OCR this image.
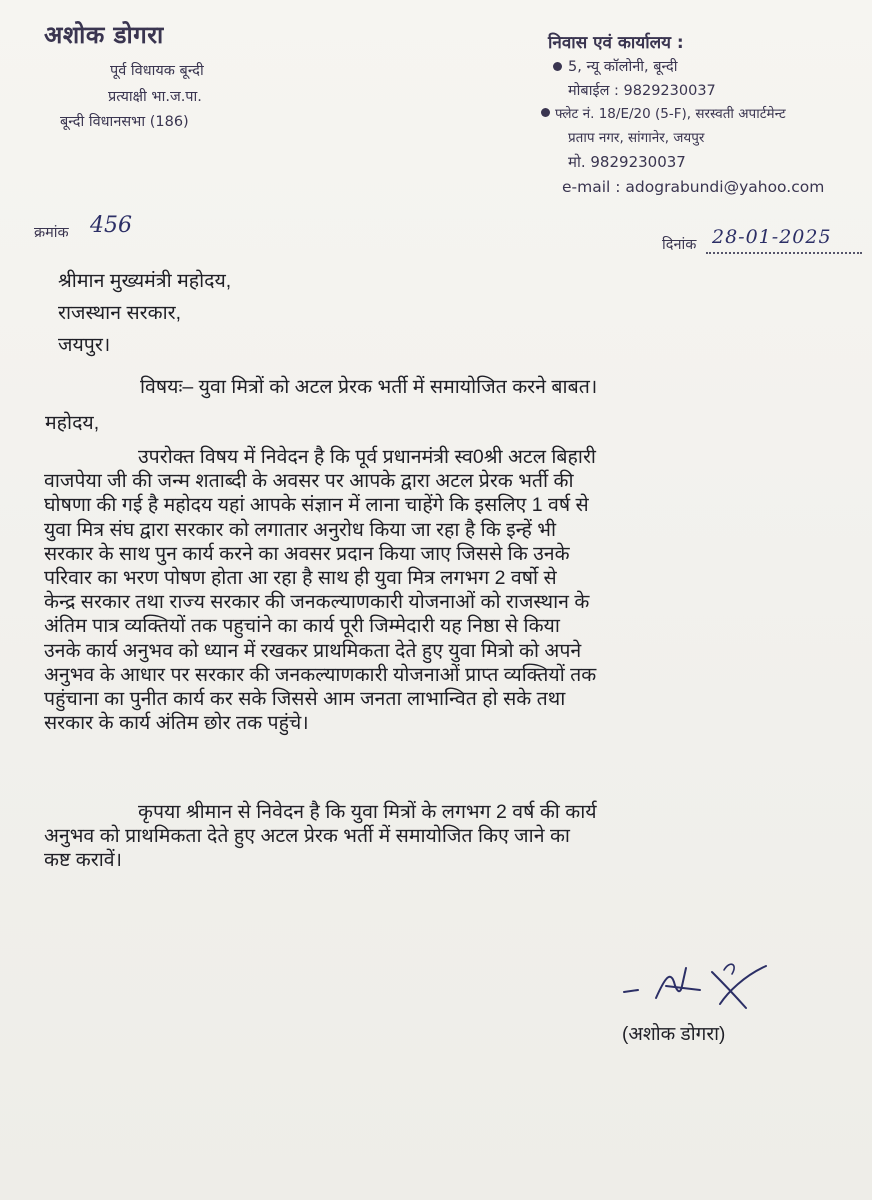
अशोक डोगरा
पूर्व विधायक बून्दी
प्रत्याक्षी भा.ज.पा.
बून्दी विधानसभा (186)
निवास एवं कार्यालय :
5, न्यू कॉलोनी, बून्दी
मोबाईल : 9829230037
फ्लेट नं. 18/E/20 (5-F), सरस्वती अपार्टमेन्ट
प्रताप नगर, सांगानेर, जयपुर
मो. 9829230037
e-mail : adograbundi@yahoo.com
क्रमांक 456
दिनांक 28-01-2025
श्रीमान मुख्यमंत्री महोदय,
राजस्थान सरकार,
जयपुर।
विषयः– युवा मित्रों को अटल प्रेरक भर्ती में समायोजित करने बाबत।
महोदय,
उपरोक्त विषय में निवेदन है कि पूर्व प्रधानमंत्री स्व0श्री अटल बिहारी
वाजपेया जी की जन्म शताब्दी के अवसर पर आपके द्वारा अटल प्रेरक भर्ती की
घोषणा की गई है महोदय यहां आपके संज्ञान में लाना चाहेंगे कि इसलिए 1 वर्ष से
युवा मित्र संघ द्वारा सरकार को लगातार अनुरोध किया जा रहा है कि इन्हें भी
सरकार के साथ पुन कार्य करने का अवसर प्रदान किया जाए जिससे कि उनके
परिवार का भरण पोषण होता आ रहा है साथ ही युवा मित्र लगभग 2 वर्षो से
केन्द्र सरकार तथा राज्य सरकार की जनकल्याणकारी योजनाओं को राजस्थान के
अंतिम पात्र व्यक्तियों तक पहुचांने का कार्य पूरी जिम्मेदारी यह निष्ठा से किया
उनके कार्य अनुभव को ध्यान में रखकर प्राथमिकता देते हुए युवा मित्रो को अपने
अनुभव के आधार पर सरकार की जनकल्याणकारी योजनाओं प्राप्त व्यक्तियों तक
पहुंचाना का पुनीत कार्य कर सके जिससे आम जनता लाभान्वित हो सके तथा
सरकार के कार्य अंतिम छोर तक पहुंचे।
कृपया श्रीमान से निवेदन है कि युवा मित्रों के लगभग 2 वर्ष की कार्य
अनुभव को प्राथमिकता देते हुए अटल प्रेरक भर्ती में समायोजित किए जाने का
कष्ट करावें।
(अशोक डोगरा)
